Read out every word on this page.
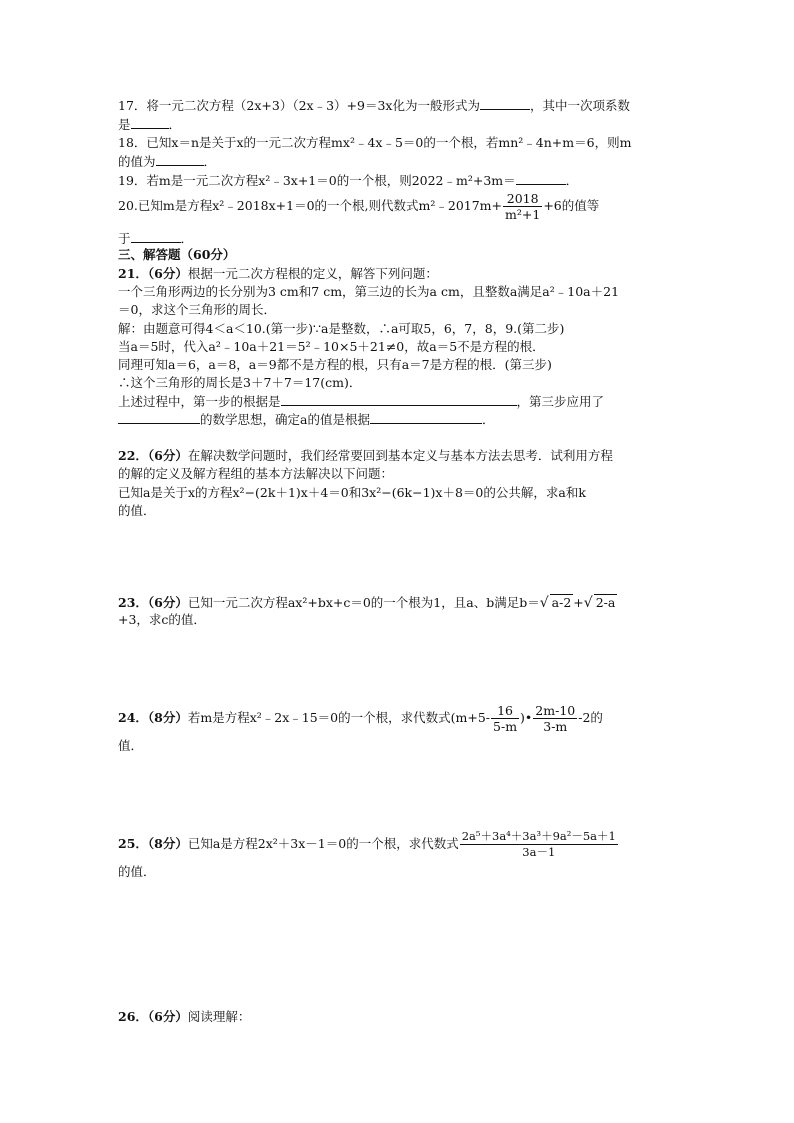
17．将一元二次方程（2x+3）（2x﹣3）+9＝3x化为一般形式为	，其中一次项系数
是	．
18．已知x＝n是关于x的一元二次方程mx²﹣4x﹣5＝0的一个根，若mn²﹣4n+m＝6，则m
的值为	．
19．若m是一元二次方程x²﹣3x+1＝0的一个根，则2022﹣m²+3m＝	．
20.已知m是方程x²﹣2018x+1＝0的一个根,则代数式m²﹣2017m+ $\frac{2018}{\text{m²+1}} +6$的值等
于	．
三、解答题（60分）
21．（6分）根据一元二次方程根的定义，解答下列问题：
一个三角形两边的长分别为3 cm和7 cm，第三边的长为a cm，且整数a满足a²﹣10a＋21
＝0，求这个三角形的周长．
解：由题意可得4＜a＜10.(第一步)∵a是整数，∴a可取5，6，7，8，9.(第二步)
当a＝5时，代入a²﹣10a＋21＝5²﹣10×5＋21≠0，故a＝5不是方程的根．
同理可知a＝6，a＝8，a＝9都不是方程的根，只有a＝7是方程的根．(第三步)
∴这个三角形的周长是3＋7＋7＝17(cm)．
上述过程中，第一步的根据是	，第三步应用了
的数学思想，确定a的值是根据	．
22．（6分）在解决数学问题时，我们经常要回到基本定义与基本方法去思考．试利用方程
的解的定义及解方程组的基本方法解决以下问题：
已知a是关于x的方程x²−(2k＋1)x＋4＝0和3x²−(6k−1)x＋8＝0的公共解，求a和k
的值．
23．（6分）已知一元二次方程ax²+bx+c＝0的一个根为1，且a、b满足b＝√ a-2 +√ 2-a
+3，求c的值．
24．（8分）若m是方程x²﹣2x﹣15＝0的一个根，求代数式($m+5- \frac{16}{5-m}$ )• $\frac{2m-10}{3-m} -2$的
值．
25．（8分）已知a是方程2x²＋3x－1＝0的一个根，求代数式 $\frac{\text{2a⁵＋3a⁴＋3a³＋9a²－5a＋1}}{3a-1}$
的值．
26．（6分）阅读理解：
